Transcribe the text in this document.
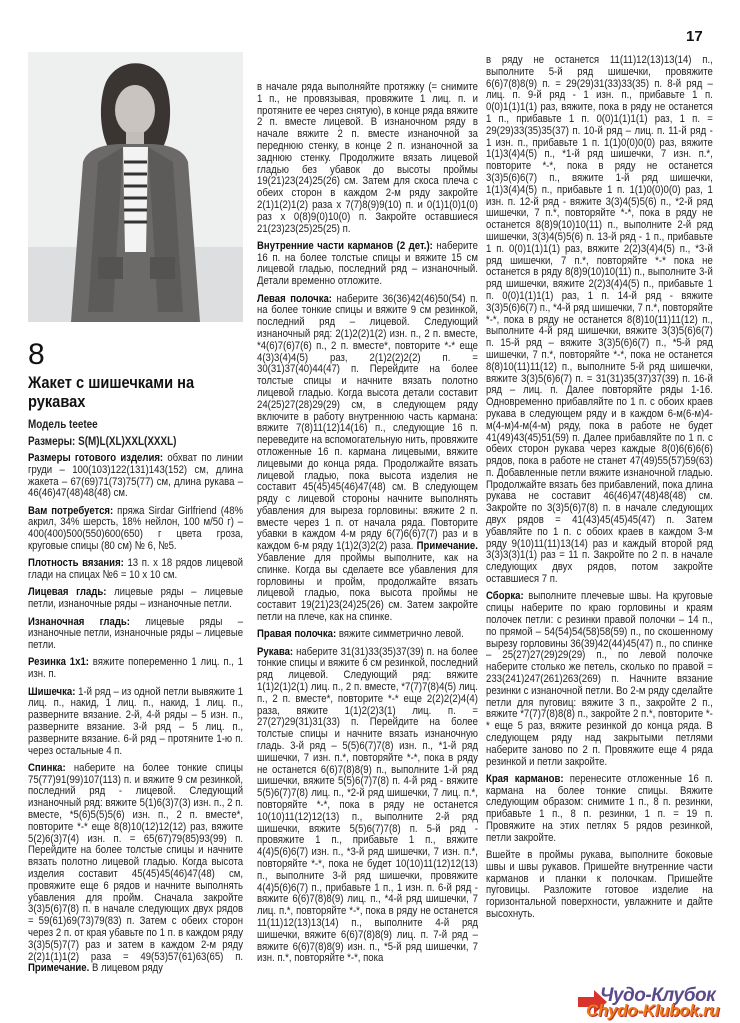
17
8
Жакет с шишечками на рукавах
Модель teetee
Размеры: S(M)L(XL)XXL(XXXL)

Размеры готового изделия: обхват по линии груди – 100(103)122(131)143(152) см, длина жакета – 67(69)71(73)75(77) см, длина рукава – 46(46)47(48)48(48) см.

Вам потребуется: пряжа Sirdar Girlfriend (48% акрил, 34% шерсть, 18% нейлон, 100 м/50 г) – 400(400)500(550)600(650) г цвета гроза, круговые спицы (80 см) № 6, №5.

Плотность вязания: 13 п. x 18 рядов лицевой глади на спицах №6 = 10 x 10 см.

Лицевая гладь: лицевые ряды – лицевые петли, изнаночные ряды – изнаночные петли.

Изнаночная гладь: лицевые ряды – изнаночные петли, изнаночные ряды – лицевые петли.

Резинка 1x1: вяжите попеременно 1 лиц. п., 1 изн. п.

Шишечка: 1-й ряд – из одной петли вывяжите 1 лиц. п., накид, 1 лиц. п., накид, 1 лиц. п., разверните вязание. 2-й, 4-й ряды – 5 изн. п., разверните вязание. 3-й ряд – 5 лиц. п., разверните вязание. 6-й ряд – протяните 1-ю п. через остальные 4 п.

Спинка: наберите на более тонкие спицы 75(77)91(99)107(113) п. и вяжите 9 см резинкой, последний ряд - лицевой. Следующий изнаночный ряд: вяжите 5(1)6(3)7(3) изн. п., 2 п. вместе, *5(6)5(5)5(6) изн. п., 2 п. вместе*, повторите *-* еще 8(8)10(12)12(12) раз, вяжите 5(2)6(3)7(4) изн. п. = 65(67)79(85)93(99) п. Перейдите на более толстые спицы и начните вязать полотно лицевой гладью. Когда высота изделия составит 45(45)45(46)47(48) см, провяжите еще 6 рядов и начните выполнять убавления для пройм. Сначала закройте 3(3)5(6)7(8) п. в начале следующих двух рядов = 59(61)69(73)79(83) п. Затем с обеих сторон через 2 п. от края убавьте по 1 п. в каждом ряду 3(3)5(5)7(7) раз и затем в каждом 2-м ряду 2(2)1(1)1(2) раза = 49(53)57(61)63(65) п. Примечание. В лицевом ряду

в начале ряда выполняйте протяжку (= снимите 1 п., не провязывая, провяжите 1 лиц. п. и протяните ее через снятую), в конце ряда вяжите 2 п. вместе лицевой. В изнаночном ряду в начале вяжите 2 п. вместе изнаночной за переднюю стенку, в конце 2 п. изнаночной за заднюю стенку. Продолжите вязать лицевой гладью без убавок до высоты проймы 19(21)23(24)25(26) см. Затем для скоса плеча с обеих сторон в каждом 2-м ряду закройте 2(1)1(2)1(2) раза x 7(7)8(9)9(10) п. и 0(1)1(0)1(0) раз x 0(8)9(0)10(0) п. Закройте оставшиеся 21(23)23(25)25(25) п.

Внутренние части карманов (2 дет.): наберите 16 п. на более толстые спицы и вяжите 15 см лицевой гладью, последний ряд – изнаночный. Детали временно отложите.

Левая полочка: наберите 36(36)42(46)50(54) п. на более тонкие спицы и вяжите 9 см резинкой, последний ряд – лицевой. Следующий изнаночный ряд: 2(1)2(2)1(2) изн. п., 2 п. вместе, *4(6)7(6)7(6) п., 2 п. вместе*, повторите *-* еще 4(3)3(4)4(5) раз, 2(1)2(2)2(2) п. = 30(31)37(40)44(47) п. Перейдите на более толстые спицы и начните вязать полотно лицевой гладью. Когда высота детали составит 24(25)27(28)29(29) см, в следующем ряду включите в работу внутреннюю часть кармана: вяжите 7(8)11(12)14(16) п., следующие 16 п. переведите на вспомогательную нить, провяжите отложенные 16 п. кармана лицевыми, вяжите лицевыми до конца ряда. Продолжайте вязать лицевой гладью, пока высота изделия не составит 45(45)45(46)47(48) см. В следующем ряду с лицевой стороны начните выполнять убавления для выреза горловины: вяжите 2 п. вместе через 1 п. от начала ряда. Повторите убавки в каждом 4-м ряду 6(7)6(6)7(7) раз и в каждом 6-м ряду 1(1)2(3)2(2) раза. Примечание. Убавление для проймы выполните, как на спинке. Когда вы сделаете все убавления для горловины и пройм, продолжайте вязать лицевой гладью, пока высота проймы не составит 19(21)23(24)25(26) см. Затем закройте петли на плече, как на спинке.

Правая полочка: вяжите симметрично левой.

Рукава: наберите 31(31)33(35)37(39) п. на более тонкие спицы и вяжите 6 см резинкой, последний ряд лицевой. Следующий ряд: вяжите 1(1)2(1)2(1) лиц. п., 2 п. вместе, *7(7)7(8)4(5) лиц. п., 2 п. вместе*, повторите *-* еще 2(2)2(2)4(4) раза, вяжите 1(1)2(2)3(1) лиц. п. = 27(27)29(31)31(33) п. Перейдите на более толстые спицы и начните вязать изнаночную гладь. 3-й ряд – 5(5)6(7)7(8) изн. п., *1-й ряд шишечки, 7 изн. п.*, повторяйте *-*, пока в ряду не останется 6(6)7(8)8(9) п., выполните 1-й ряд шишечки, вяжите 5(5)6(7)7(8) п. 4-й ряд - вяжите 5(5)6(7)7(8) лиц. п., *2-й ряд шишечки, 7 лиц. п.*, повторяйте *-*, пока в ряду не останется 10(10)11(12)12(13) п., выполните 2-й ряд шишечки, вяжите 5(5)6(7)7(8) п. 5-й ряд - провяжите 1 п., прибавьте 1 п., вяжите 4(4)5(6)6(7) изн. п., *3-й ряд шишечки, 7 изн. п.*, повторяйте *-*, пока не будет 10(10)11(12)12(13) п., выполните 3-й ряд шишечки, провяжите 4(4)5(6)6(7) п., прибавьте 1 п., 1 изн. п. 6-й ряд - вяжите 6(6)7(8)8(9) лиц. п., *4-й ряд шишечки, 7 лиц. п.*, повторяйте *-*, пока в ряду не останется 11(11)12(13)13(14) п., выполните 4-й ряд шишечки, вяжите 6(6)7(8)8(9) лиц. п. 7-й ряд – вяжите 6(6)7(8)8(9) изн. п., *5-й ряд шишечки, 7 изн. п.*, повторяйте *-*, пока

в ряду не останется 11(11)12(13)13(14) п., выполните 5-й ряд шишечки, провяжите 6(6)7(8)8(9) п. = 29(29)31(33)33(35) п. 8-й ряд – лиц. п. 9-й ряд - 1 изн. п., прибавьте 1 п. 0(0)1(1)1(1) раз, вяжите, пока в ряду не останется 1 п., прибавьте 1 п. 0(0)1(1)1(1) раз, 1 п. = 29(29)33(35)35(37) п. 10-й ряд – лиц. п. 11-й ряд - 1 изн. п., прибавьте 1 п. 1(1)0(0)0(0) раз, вяжите 1(1)3(4)4(5) п., *1-й ряд шишечки, 7 изн. п.*, повторите *-*, пока в ряду не останется 3(3)5(6)6(7) п., вяжите 1-й ряд шишечки, 1(1)3(4)4(5) п., прибавьте 1 п. 1(1)0(0)0(0) раз, 1 изн. п. 12-й ряд - вяжите 3(3)4(5)5(6) п., *2-й ряд шишечки, 7 п.*, повторяйте *-*, пока в ряду не останется 8(8)9(10)10(11) п., выполните 2-й ряд шишечки, 3(3)4(5)5(6) п. 13-й ряд - 1 п., прибавьте 1 п. 0(0)1(1)1(1) раз, вяжите 2(2)3(4)4(5) п., *3-й ряд шишечки, 7 п.*, повторяйте *-* пока не останется в ряду 8(8)9(10)10(11) п., выполните 3-й ряд шишечки, вяжите 2(2)3(4)4(5) п., прибавьте 1 п. 0(0)1(1)1(1) раз, 1 п. 14-й ряд - вяжите 3(3)5(6)6(7) п., *4-й ряд шишечки, 7 п.*, повторяйте *-*, пока в ряду не останется 8(8)10(11)11(12) п., выполните 4-й ряд шишечки, вяжите 3(3)5(6)6(7) п. 15-й ряд – вяжите 3(3)5(6)6(7) п., *5-й ряд шишечки, 7 п.*, повторяйте *-*, пока не останется 8(8)10(11)11(12) п., выполните 5-й ряд шишечки, вяжите 3(3)5(6)6(7) п. = 31(31)35(37)37(39) п. 16-й ряд – лиц. п. Далее повторяйте ряды 1-16. Одновременно прибавляйте по 1 п. с обоих краев рукава в следующем ряду и в каждом 6-м(6-м)4-м(4-м)4-м(4-м) ряду, пока в работе не будет 41(49)43(45)51(59) п. Далее прибавляйте по 1 п. с обеих сторон рукава через каждые 8(0)6(6)6(6) рядов, пока в работе не станет 47(49)55(57)59(63) п. Добавленные петли вяжите изнаночной гладью. Продолжайте вязать без прибавлений, пока длина рукава не составит 46(46)47(48)48(48) см. Закройте по 3(3)5(6)7(8) п. в начале следующих двух рядов = 41(43)45(45)45(47) п. Затем убавляйте по 1 п. с обоих краев в каждом 3-м ряду 9(10)11(11)13(14) раз и каждый второй ряд 3(3)3(3)1(1) раз = 11 п. Закройте по 2 п. в начале следующих двух рядов, потом закройте оставшиеся 7 п.

Сборка: выполните плечевые швы. На круговые спицы наберите по краю горловины и краям полочек петли: с резинки правой полочки – 14 п., по прямой – 54(54)54(58)58(59) п., по скошенному вырезу горловины 36(39)42(44)45(47) п., по спинке – 25(27)27(29)29(29) п., по левой полочке наберите столько же петель, сколько по правой = 233(241)247(261)263(269) п. Начните вязание резинки с изнаночной петли. Во 2-м ряду сделайте петли для пуговиц: вяжите 3 п., закройте 2 п., вяжите *7(7)7(8)8(8) п., закройте 2 п.*, повторите *-* еще 5 раз, вяжите резинкой до конца ряда. В следующем ряду над закрытыми петлями наберите заново по 2 п. Провяжите еще 4 ряда резинкой и петли закройте.

Края карманов: перенесите отложенные 16 п. кармана на более тонкие спицы. Вяжите следующим образом: снимите 1 п., 8 п. резинки, прибавьте 1 п., 8 п. резинки, 1 п. = 19 п. Провяжите на этих петлях 5 рядов резинкой, петли закройте.

Вшейте в проймы рукава, выполните боковые швы и швы рукавов. Пришейте внутренние части карманов и планки к полочкам. Пришейте пуговицы. Разложите готовое изделие на горизонтальной поверхности, увлажните и дайте высохнуть.

Чудо-Клубок
Chydo-Klubok.ru
